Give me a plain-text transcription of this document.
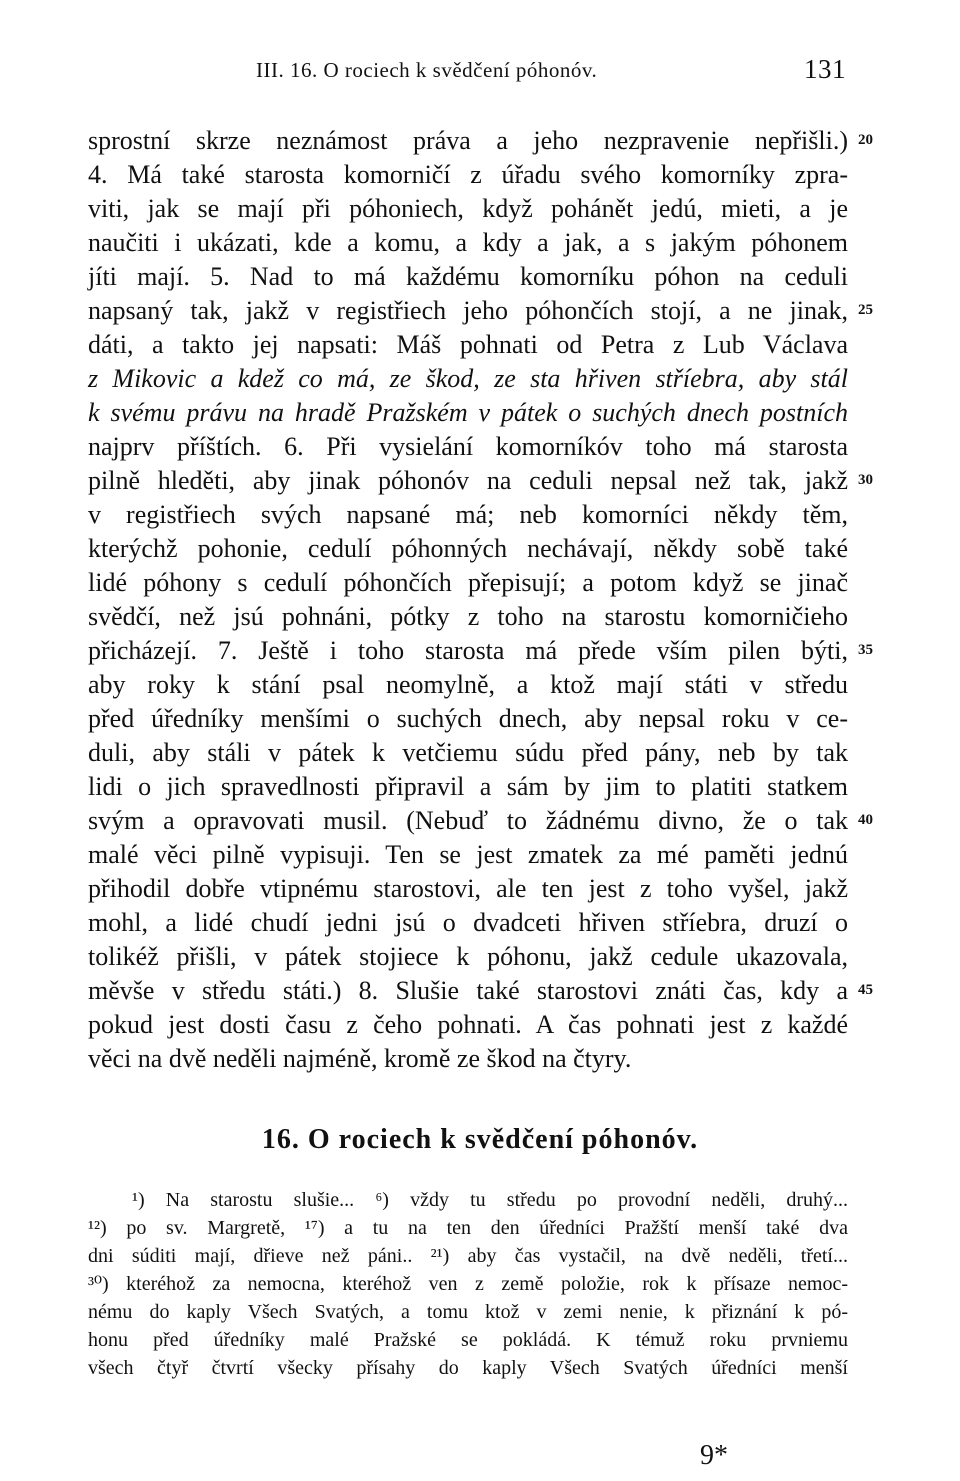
III. 16. O rociech k svědčení póhonóv.	131
sprostní skrze neznámost práva a jeho nezpravenie nepřišli.)
4. Má také starosta komorničí z úřadu svého komorníky zpra-
viti, jak se mají při póhoniech, když pohánět jedú, mieti, a je
naučiti i ukázati, kde a komu, a kdy a jak, a s jakým póhonem
jíti mají. 5. Nad to má každému komorníku póhon na ceduli
napsaný tak, jakž v registřiech jeho póhončích stojí, a ne jinak,
dáti, a takto jej napsati: Máš pohnati od Petra z Lub Václava
z Mikovic a kdež co má, ze škod, ze sta hřiven stříebra, aby stál
k svému právu na hradě Pražském v pátek o suchých dnech postních
najprv příštích. 6. Při vysielání komorníkóv toho má starosta
pilně hleděti, aby jinak póhonóv na ceduli nepsal než tak, jakž
v registřiech svých napsané má; neb komorníci někdy těm,
kterýchž pohonie, cedulí póhonných nechávají, někdy sobě také
lidé póhony s cedulí póhončích přepisují; a potom když se jinač
svědčí, než jsú pohnáni, pótky z toho na starostu komorničieho
přicházejí. 7. Ještě i toho starosta má přede vším pilen býti,
aby roky k stání psal neomylně, a ktož mají státi v středu
před úředníky menšími o suchých dnech, aby nepsal roku v ce-
duli, aby stáli v pátek k vetčiemu súdu před pány, neb by tak
lidi o jich spravedlnosti připravil a sám by jim to platiti statkem
svým a opravovati musil. (Nebuď to žádnému divno, že o tak
malé věci pilně vypisuji. Ten se jest zmatek za mé paměti jednú
přihodil dobře vtipnému starostovi, ale ten jest z toho vyšel, jakž
mohl, a lidé chudí jedni jsú o dvadceti hřiven stříebra, druzí o
tolikéž přišli, v pátek stojiece k póhonu, jakž cedule ukazovala,
měvše v středu státi.) 8. Slušie také starostovi znáti čas, kdy a
pokud jest dosti času z čeho pohnati. A čas pohnati jest z každé
věci na dvě neděli najméně, kromě ze škod na čtyry.
20
25
30
35
40
45
16. O rociech k svědčení póhonóv.
¹) Na starostu slušie... ⁶) vždy tu středu po provodní neděli, druhý...
¹²) po sv. Margretě, ¹⁷) a tu na ten den úředníci Pražští menší také dva
dni súditi mají, dřieve než páni.. ²¹) aby čas vystačil, na dvě neděli, třetí...
³⁰) kteréhož za nemocna, kteréhož ven z země položie, rok k přísaze nemoc-
nému do kaply Všech Svatých, a tomu ktož v zemi nenie, k přiznání k pó-
honu před úředníky malé Pražské se pokládá. K témuž roku prvniemu
všech čtyř čtvrtí všecky přísahy do kaply Všech Svatých úředníci menší
9*
